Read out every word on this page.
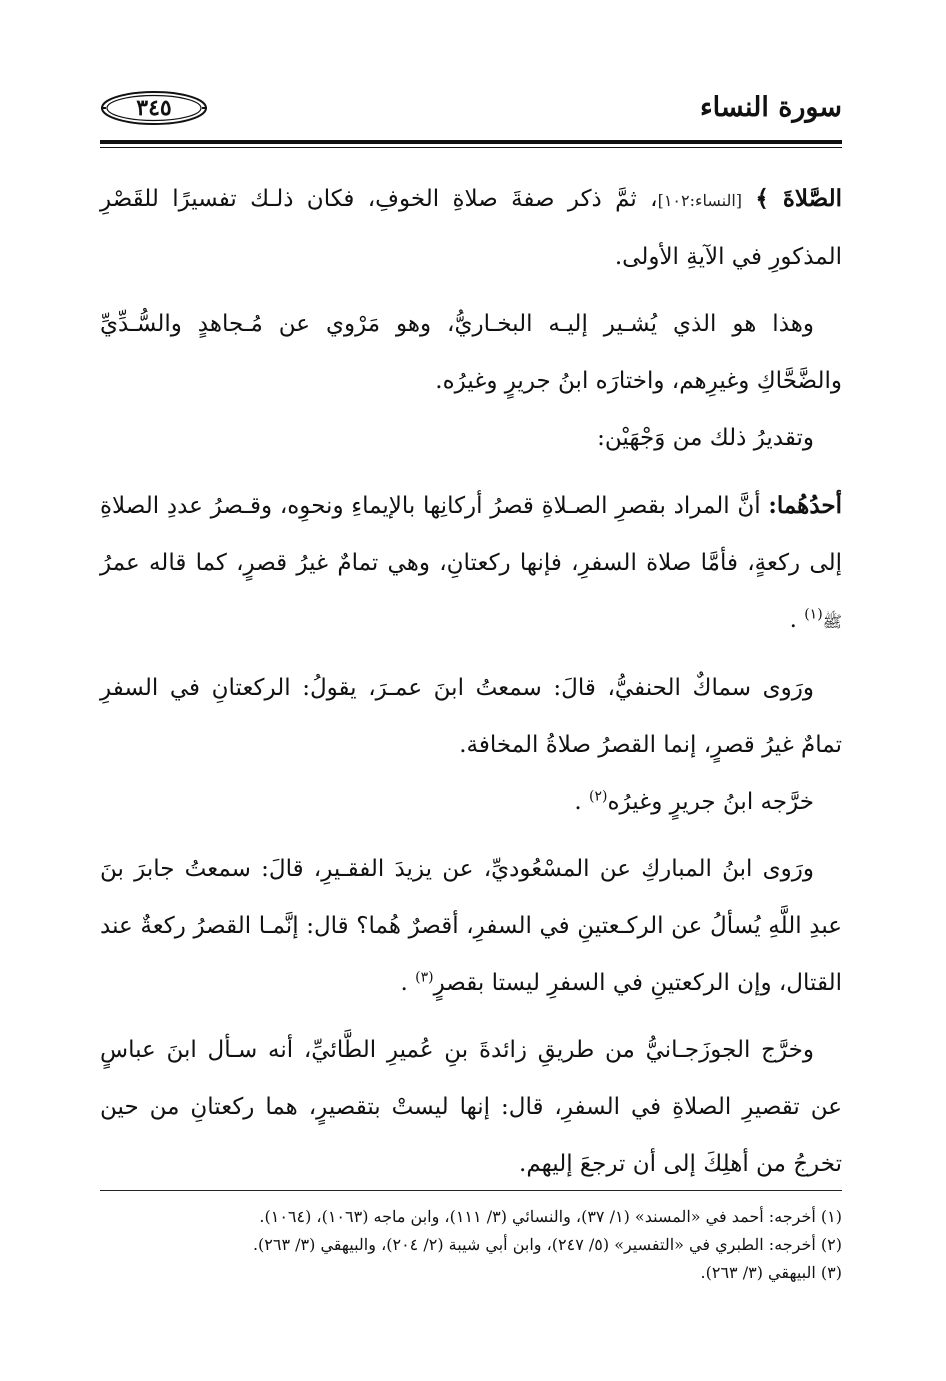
سورة النساء
٣٤٥

الصَّلاةَ ﴾ [النساء:١٠٢]، ثمَّ ذكر صفةَ صلاةِ الخوفِ، فكان ذلـك تفسيرًا للقَصْرِ المذكورِ في الآيةِ الأولى.

وهذا هو الذي يُشـير إليـه البخـاريُّ، وهو مَرْوي عن مُـجاهدٍ والسُّـدِّيِّ والضَّحَّاكِ وغيرِهم، واختارَه ابنُ جريرٍ وغيرُه.

وتقديرُ ذلك من وَجْهَيْن:

أحدُهُما: أنَّ المراد بقصرِ الصـلاةِ قصرُ أركانِها بالإيماءِ ونحوِه، وقـصرُ عددِ الصلاةِ إلى ركعةٍ، فأمَّا صلاة السفرِ، فإنها ركعتانِ، وهي تمامٌ غيرُ قصرٍ، كما قاله عمرُ ﷺ$^{(١)}$ .

ورَوى سماكٌ الحنفيُّ، قالَ: سمعتُ ابنَ عمـرَ، يقولُ: الركعتانِ في السفرِ تمامٌ غيرُ قصرٍ، إنما القصرُ صلاةُ المخافة.

خرَّجه ابنُ جريرٍ وغيرُه$^{(٢)}$ .

ورَوى ابنُ المباركِ عن المسْعُوديِّ، عن يزيدَ الفقـيرِ، قالَ: سمعتُ جابرَ بنَ عبدِ اللَّهِ يُسألُ عن الركـعتينِ في السفرِ، أقصرٌ هُما؟ قال: إنَّمـا القصرُ ركعةٌ عند القتال، وإن الركعتينِ في السفرِ ليستا بقصرٍ$^{(٣)}$ .

وخرَّج الجوزَجـانيُّ من طريقِ زائدةَ بنِ عُميرِ الطَّائيِّ، أنه سـأل ابنَ عباسٍ عن تقصيرِ الصلاةِ في السفرِ، قال: إنها ليستْ بتقصيرٍ، هما ركعتانِ من حين تخرجُ من أهلِكَ إلى أن ترجعَ إليهم.

(١) أخرجه: أحمد في «المسند» (١/ ٣٧)، والنسائي (٣/ ١١١)، وابن ماجه (١٠٦٣)، (١٠٦٤).

(٢) أخرجه: الطبري في «التفسير» (٥/ ٢٤٧)، وابن أبي شيبة (٢/ ٢٠٤)، والبيهقي (٣/ ٢٦٣).

(٣) البيهقي (٣/ ٢٦٣).
